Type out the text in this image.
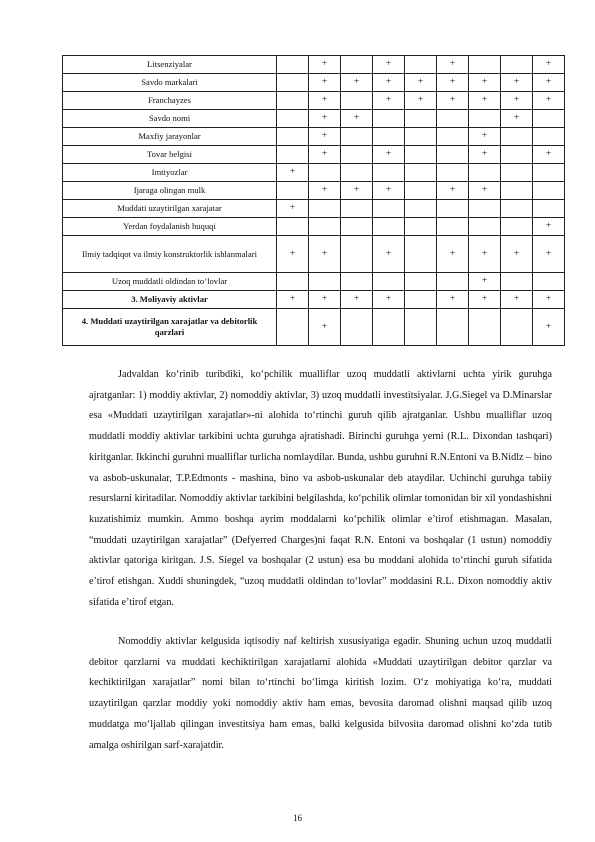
Litsenziyalar		+		+		+			+
Savdo markalari		+	+	+	+	+	+	+	+
Franchayzes		+		+	+	+	+	+	+
Savdo nomi		+	+					+	
Maxfiy jarayonlar		+					+		
Tovar belgisi		+		+			+		+
Imtiyozlar	+								
Ijaraga olingan mulk		+	+	+		+	+		
Muddati uzaytirilgan xarajatar	+								
Yerdan foydalanish huquqi									+
Ilmiy tadqiqot va ilmiy konstruktorlik ishlanmalari	+	+		+		+	+	+	+
Uzoq muddatli oldindan to‘lovlar							+		
3. Moliyaviy aktivlar	+	+	+	+		+	+	+	+
4. Muddati uzaytirilgan xarajatlar va debitorlik qarzlari		+							+
Jadvaldan ko‘rinib turibdiki, ko‘pchilik mualliflar uzoq muddatli aktivlarni uchta yirik guruhga ajratganlar: 1) moddiy aktivlar, 2) nomoddiy aktivlar, 3) uzoq muddatli investitsiyalar. J.G.Siegel va D.Minarslar esa «Muddati uzaytirilgan xarajatlar»-ni alohida to‘rtinchi guruh qilib ajratganlar. Ushbu mualliflar uzoq muddatli moddiy aktivlar tarkibini uchta guruhga ajratishadi. Birinchi guruhga yerni (R.L. Dixondan tashqari) kiritganlar. Ikkinchi guruhni mualliflar turlicha nomlaydilar. Bunda, ushbu guruhni R.N.Entoni va B.Nidlz – bino va asbob-uskunalar, T.P.Edmonts - mashina, bino va asbob-uskunalar deb ataydilar. Uchinchi guruhga tabiiy resurslarni kiritadilar. Nomoddiy aktivlar tarkibini belgilashda, ko‘pchilik olimlar tomonidan bir xil yondashishni kuzatishimiz mumkin. Ammo boshqa ayrim moddalarni ko‘pchilik olimlar e’tirof etishmagan. Masalan, “muddati uzaytirilgan xarajatlar” (Defyerred Charges)ni faqat R.N. Entoni va boshqalar (1 ustun) nomoddiy aktivlar qatoriga kiritgan. J.S. Siegel va boshqalar (2 ustun) esa bu moddani alohida to‘rtinchi guruh sifatida e’tirof etishgan. Xuddi shuningdek, “uzoq muddatli oldindan to‘lovlar” moddasini R.L. Dixon nomoddiy aktiv sifatida e’tirof etgan.
Nomoddiy aktivlar kelgusida iqtisodiy naf keltirish xususiyatiga egadir. Shuning uchun uzoq muddatli debitor qarzlarni va muddati kechiktirilgan xarajatlarni alohida «Muddati uzaytirilgan debitor qarzlar va kechiktirilgan xarajatlar” nomi bilan to‘rtinchi bo‘limga kiritish lozim. O‘z mohiyatiga ko‘ra, muddati uzaytirilgan qarzlar moddiy yoki nomoddiy aktiv ham emas, bevosita daromad olishni maqsad qilib uzoq muddatga mo‘ljallab qilingan investitsiya ham emas, balki kelgusida bilvosita daromad olishni ko‘zda tutib amalga oshirilgan sarf-xarajatdir.
16
